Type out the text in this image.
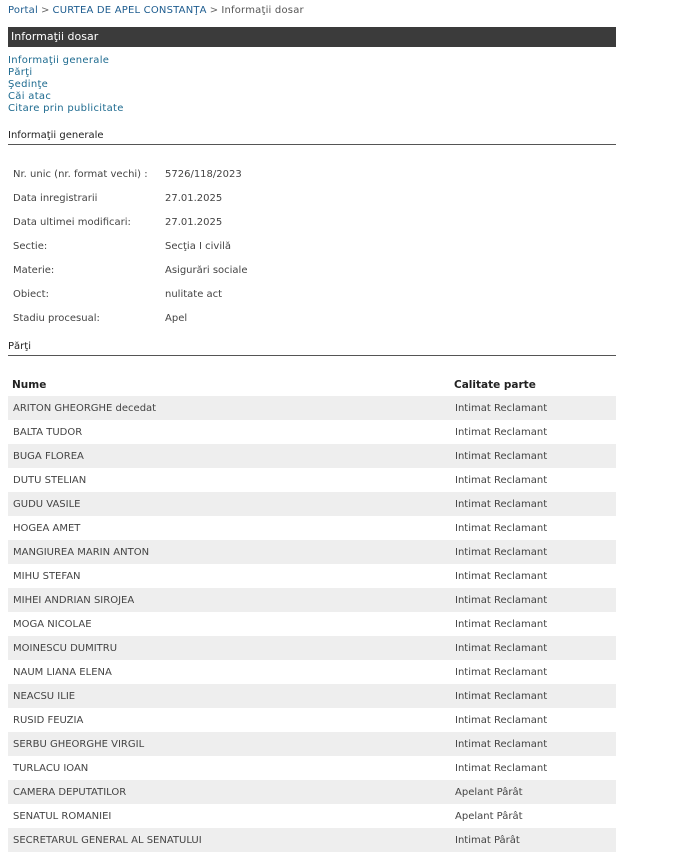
Portal > CURTEA DE APEL CONSTANŢA > Informaţii dosar
Informaţii dosar
Informaţii generale
Părţi
Şedinţe
Căi atac
Citare prin publicitate
Informaţii generale
Nr. unic (nr. format vechi) :	5726/118/2023
Data inregistrarii	27.01.2025
Data ultimei modificari:	27.01.2025
Sectie:	Secţia I civilă
Materie:	Asigurări sociale
Obiect:	nulitate act
Stadiu procesual:	Apel
Părţi
Nume	Calitate parte
ARITON GHEORGHE decedat	Intimat Reclamant
BALTA TUDOR	Intimat Reclamant
BUGA FLOREA	Intimat Reclamant
DUTU STELIAN	Intimat Reclamant
GUDU VASILE	Intimat Reclamant
HOGEA AMET	Intimat Reclamant
MANGIUREA MARIN ANTON	Intimat Reclamant
MIHU STEFAN	Intimat Reclamant
MIHEI ANDRIAN SIROJEA	Intimat Reclamant
MOGA NICOLAE	Intimat Reclamant
MOINESCU DUMITRU	Intimat Reclamant
NAUM LIANA ELENA	Intimat Reclamant
NEACSU ILIE	Intimat Reclamant
RUSID FEUZIA	Intimat Reclamant
SERBU GHEORGHE VIRGIL	Intimat Reclamant
TURLACU IOAN	Intimat Reclamant
CAMERA DEPUTATILOR	Apelant Pârât
SENATUL ROMANIEI	Apelant Pârât
SECRETARUL GENERAL AL SENATULUI	Intimat Pârât
